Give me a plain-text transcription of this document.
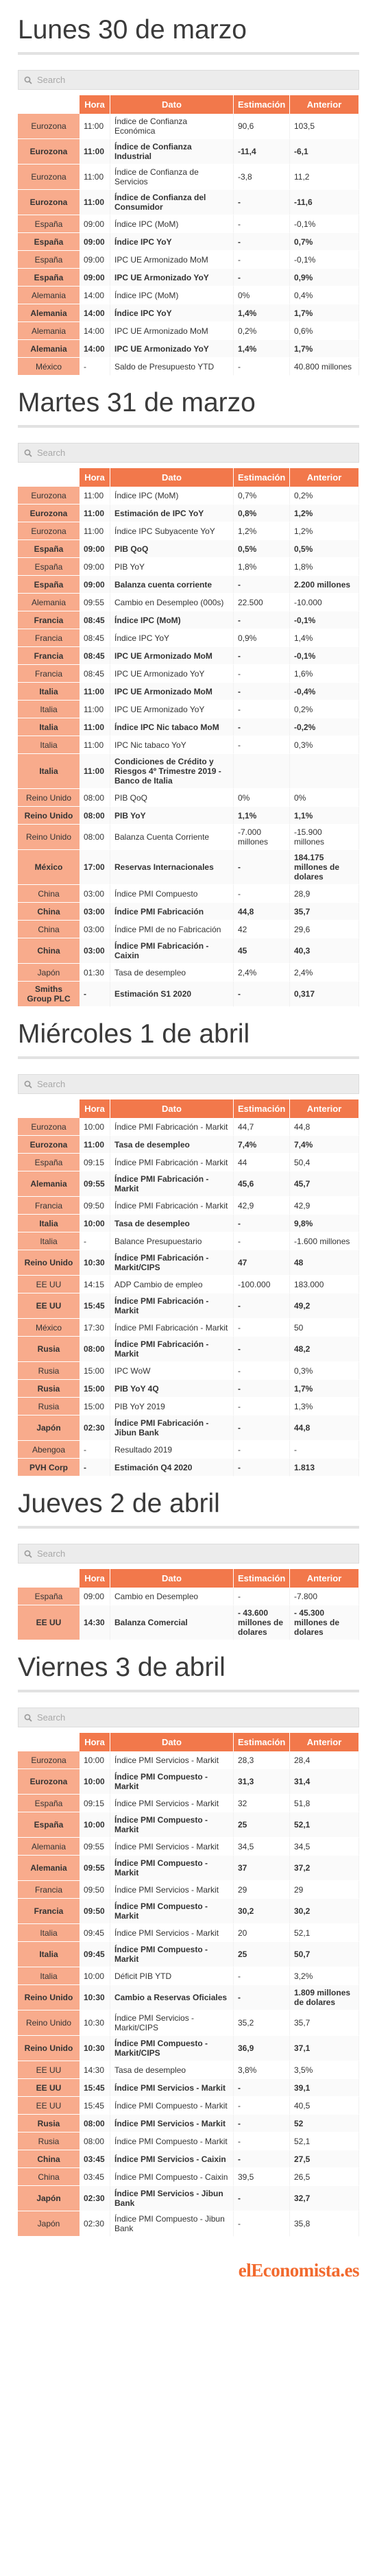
Lunes 30 de marzo
Search
	Hora	Dato	Estimación	Anterior
Eurozona	11:00	Índice de Confianza Económica	90,6	103,5
Eurozona	11:00	Índice de Confianza Industrial	-11,4	-6,1
Eurozona	11:00	Índice de Confianza de Servicios	-3,8	11,2
Eurozona	11:00	Índice de Confianza del Consumidor	-	-11,6
España	09:00	Índice IPC (MoM)	-	-0,1%
España	09:00	Índice IPC YoY	-	0,7%
España	09:00	IPC UE Armonizado MoM	-	-0,1%
España	09:00	IPC UE Armonizado YoY	-	0,9%
Alemania	14:00	Índice IPC (MoM)	0%	0,4%
Alemania	14:00	Índice IPC YoY	1,4%	1,7%
Alemania	14:00	IPC UE Armonizado MoM	0,2%	0,6%
Alemania	14:00	IPC UE Armonizado YoY	1,4%	1,7%
México	-	Saldo de Presupuesto YTD	-	40.800 millones
Martes 31 de marzo
Search
	Hora	Dato	Estimación	Anterior
Eurozona	11:00	Índice IPC (MoM)	0,7%	0,2%
Eurozona	11:00	Estimación de IPC YoY	0,8%	1,2%
Eurozona	11:00	Índice IPC Subyacente YoY	1,2%	1,2%
España	09:00	PIB QoQ	0,5%	0,5%
España	09:00	PIB YoY	1,8%	1,8%
España	09:00	Balanza cuenta corriente	-	2.200 millones
Alemania	09:55	Cambio en Desempleo (000s)	22.500	-10.000
Francia	08:45	Índice IPC (MoM)	-	-0,1%
Francia	08:45	Índice IPC YoY	0,9%	1,4%
Francia	08:45	IPC UE Armonizado MoM	-	-0,1%
Francia	08:45	IPC UE Armonizado YoY	-	1,6%
Italia	11:00	IPC UE Armonizado MoM	-	-0,4%
Italia	11:00	IPC UE Armonizado YoY	-	0,2%
Italia	11:00	Índice IPC Nic tabaco MoM	-	-0,2%
Italia	11:00	IPC Nic tabaco YoY	-	0,3%
Italia	11:00	Condiciones de Crédito y Riesgos 4º Trimestre 2019 - Banco de Italia		
Reino Unido	08:00	PIB QoQ	0%	0%
Reino Unido	08:00	PIB YoY	1,1%	1,1%
Reino Unido	08:00	Balanza Cuenta Corriente	-7.000 millones	-15.900 millones
México	17:00	Reservas Internacionales	-	184.175 millones de dolares
China	03:00	Índice PMI Compuesto	-	28,9
China	03:00	Índice PMI Fabricación	44,8	35,7
China	03:00	Índice PMI de no Fabricación	42	29,6
China	03:00	Índice PMI Fabricación - Caixin	45	40,3
Japón	01:30	Tasa de desempleo	2,4%	2,4%
Smiths Group PLC	-	Estimación S1 2020	-	0,317
Miércoles 1 de abril
Search
	Hora	Dato	Estimación	Anterior
Eurozona	10:00	Índice PMI Fabricación - Markit	44,7	44,8
Eurozona	11:00	Tasa de desempleo	7,4%	7,4%
España	09:15	Índice PMI Fabricación - Markit	44	50,4
Alemania	09:55	Índice PMI Fabricación - Markit	45,6	45,7
Francia	09:50	Índice PMI Fabricación - Markit	42,9	42,9
Italia	10:00	Tasa de desempleo	-	9,8%
Italia	-	Balance Presupuestario	-	-1.600 millones
Reino Unido	10:30	Índice PMI Fabricación - Markit/CIPS	47	48
EE UU	14:15	ADP Cambio de empleo	-100.000	183.000
EE UU	15:45	Índice PMI Fabricación - Markit	-	49,2
México	17:30	Índice PMI Fabricación - Markit	-	50
Rusia	08:00	Índice PMI Fabricación - Markit	-	48,2
Rusia	15:00	IPC WoW	-	0,3%
Rusia	15:00	PIB YoY 4Q	-	1,7%
Rusia	15:00	PIB YoY 2019	-	1,3%
Japón	02:30	Índice PMI Fabricación - Jibun Bank	-	44,8
Abengoa	-	Resultado 2019	-	-
PVH Corp	-	Estimación Q4 2020	-	1.813
Jueves 2 de abril
Search
	Hora	Dato	Estimación	Anterior
España	09:00	Cambio en Desempleo	-	-7.800
EE UU	14:30	Balanza Comercial	- 43.600 millones de dolares	- 45.300 millones de dolares
Viernes 3 de abril
Search
	Hora	Dato	Estimación	Anterior
Eurozona	10:00	Índice PMI Servicios - Markit	28,3	28,4
Eurozona	10:00	Índice PMI Compuesto - Markit	31,3	31,4
España	09:15	Índice PMI Servicios - Markit	32	51,8
España	10:00	Índice PMI Compuesto - Markit	25	52,1
Alemania	09:55	Índice PMI Servicios - Markit	34,5	34,5
Alemania	09:55	Índice PMI Compuesto - Markit	37	37,2
Francia	09:50	Índice PMI Servicios - Markit	29	29
Francia	09:50	Índice PMI Compuesto - Markit	30,2	30,2
Italia	09:45	Índice PMI Servicios - Markit	20	52,1
Italia	09:45	Índice PMI Compuesto - Markit	25	50,7
Italia	10:00	Déficit PIB YTD	-	3,2%
Reino Unido	10:30	Cambio a Reservas Oficiales	-	1.809 millones de dolares
Reino Unido	10:30	Índice PMI Servicios - Markit/CIPS	35,2	35,7
Reino Unido	10:30	Índice PMI Compuesto - Markit/CIPS	36,9	37,1
EE UU	14:30	Tasa de desempleo	3,8%	3,5%
EE UU	15:45	Índice PMI Servicios - Markit	-	39,1
EE UU	15:45	Índice PMI Compuesto - Markit	-	40,5
Rusia	08:00	Índice PMI Servicios - Markit	-	52
Rusia	08:00	Índice PMI Compuesto - Markit	-	52,1
China	03:45	Índice PMI Servicios - Caixin	-	27,5
China	03:45	Índice PMI Compuesto - Caixin	39,5	26,5
Japón	02:30	Índice PMI Servicios - Jibun Bank	-	32,7
Japón	02:30	Índice PMI Compuesto - Jibun Bank	-	35,8
elEconomista.es
